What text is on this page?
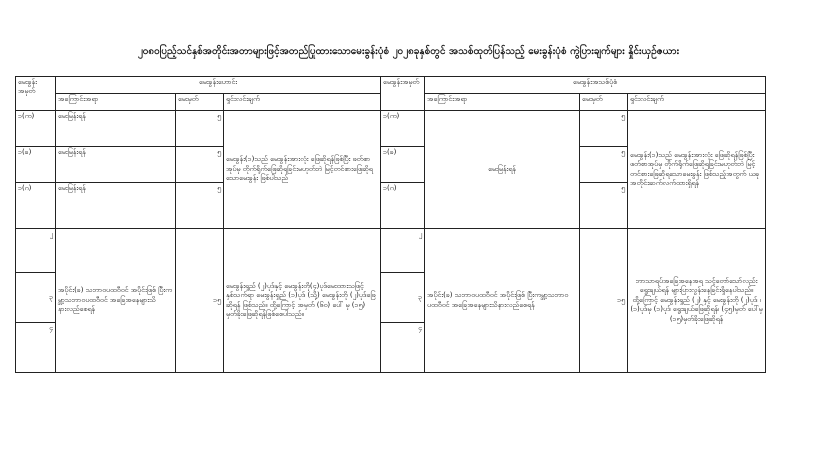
၂၀၈၀ပြည့်သင်နှစ်အတိုင်းအတာများဖြင့်အတည်ပြုထားသောမေးခွန်းပုံစံ ၂၀၂၈ခုနှစ်တွင် အသစ်ထုတ်ပြန်သည့် မေးခွန်းပုံစံ ကွဲပြားချက်များ နှိုင်းယှဉ်ဇယား
မေးခွန်းအမှတ်	မေးခွန်းဟောင်း			မေးခွန်းအမှတ်	မေးခွန်းအသစ်ပုံစံ		
	အကြောင်းအရာ	မေးမှတ်	ရှင်းလင်းချက်		အကြောင်းအရာ	မေးမှတ်	ရှင်းလင်းချက်
၁(က)	မေးမြန်းရန်	၅	မေးခွန်း(၁)သည် မေးခွန်းအားလုံး ဖြေဆိုရန်ဖြစ်ပြီး ဖတ်စာအုပ်မှ တိုက်ရိုက်ဖြေဆိုရခြင်းမဟုတ်ဘဲ မြင့်တင်စားဖြေဆိုရသောမေးခွန်း ဖြစ်ပါသည်	၁(က)	မေးမြန်းရန်	၅	မေးခွန်း(၁)သည် မေးခွန်းအားလုံး ဖြေဆိုရန်ဖြစ်ပြီး ဖတ်စာအုပ်မှ တိုက်ရိုက်ဖြေဆိုရခြင်းမဟုတ်ဘဲ မြင့်တင်စားဖြေဆိုရသောမေးခွန်း ဖြစ်သည့်အတွက် ယခုအတိုင်းဆက်လက်ထားရှိရန်
၁(ခ)	မေးမြန်းရန်	၅		၁(ခ)		၅	
၁(ဂ)	မေးမြန်းရန်	၅		၁(ဂ)		၅	
၂	အပိုင်း(ခ) သဘာဝပထဝီဝင် အပိုင်းဖြစ် ပြီးကမ္ဘာ့သဘာဝပထဝီဝင် အခြေအနေများသိနားလည်စေရန်	၁၅	မေးခွန်းရှည် (၂)ပုဒ်နှင့် မေးခွန်းတို(၄)ပုဒ်မေးထားသဖြင့် နှစ်သက်ရာ မေးခွန်းရှည် (၁)ပုဒ် (သို့) မေးခွန်းတို (၂)ပုဒ်ဖြေဆိုရန် ဖြစ်သည်။ ထို့ကြောင့် အမှတ် (၆၀) ပေါ် မှ (၁၅) မှတ်ခိုးဖြေဆိုရန်ဖြစ်စေပါသည်။	၂	အပိုင်း(ခ) သဘာဝပထဝီဝင် အပိုင်းဖြစ် ပြီးကမ္ဘာ့သဘာဝပထဝီဝင် အခြေအနေများသိနားလည်စေရန်	၁၅	ဘာသာရပ်အခြေအနေအရ သင့်တော်သော်လည်းရွေးချယ်ရန် များပြားလွန်းနေခြင်းရှိနေပါသည်။ ထို့ကြောင့် မေးခွန်းရှည် (၂) နှင့် မေးခွန်းတို (၂)ပုဒ် ၊ (၁)ပုဒ်မှ (၁)ပုဒ် ရွေးချယ်ဖြေဆိုရန်၊ (၄၅)မှတ် ပေါ်မှ (၁၅)မှတ်ခိုးဖြေဆိုရန်
၃				၃			
၄				၄			
